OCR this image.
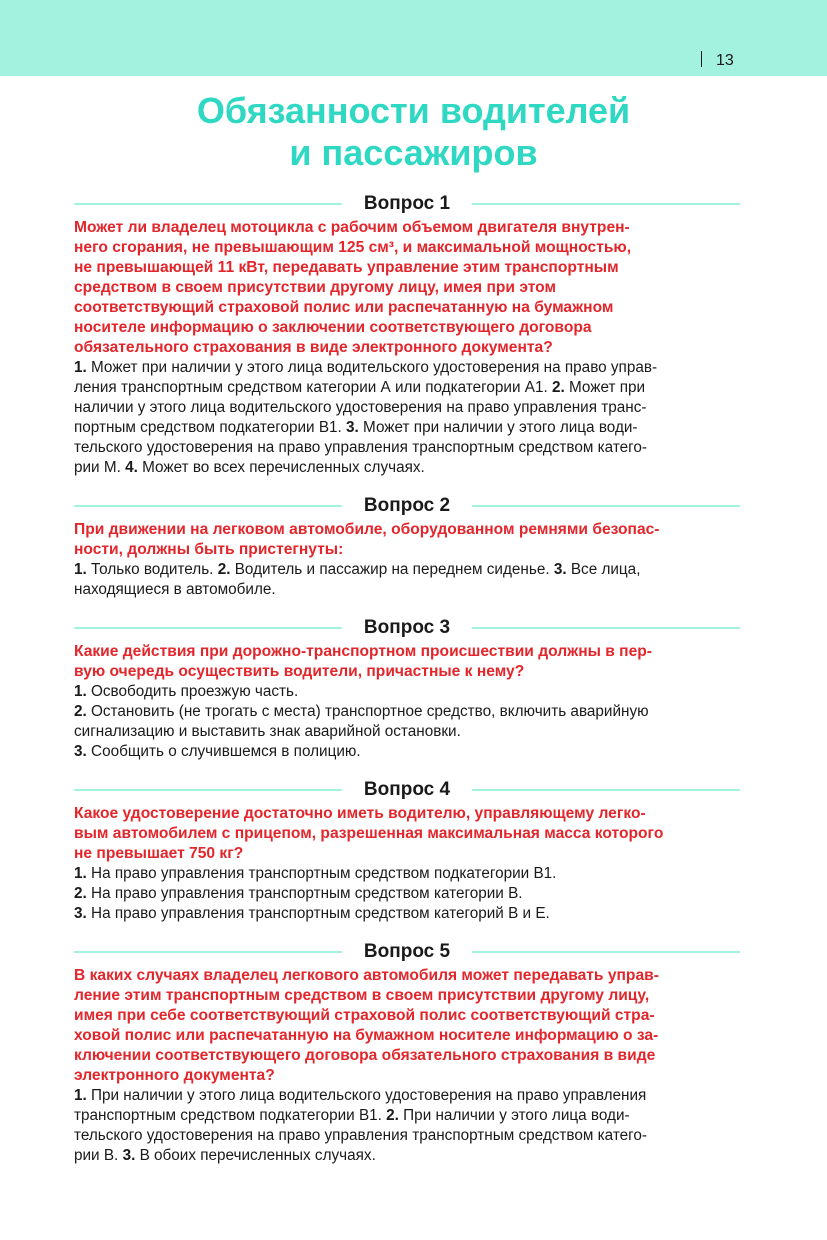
13
Обязанности водителей
и пассажиров
Вопрос 1
Может ли владелец мотоцикла с рабочим объемом двигателя внутрен-
него сгорания, не превышающим 125 см³, и максимальной мощностью,
не превышающей 11 кВт, передавать управление этим транспортным
средством в своем присутствии другому лицу, имея при этом
соответствующий страховой полис или распечатанную на бумажном
носителе информацию о заключении соответствующего договора
обязательного страхования в виде электронного документа?
1. Может при наличии у этого лица водительского удостоверения на право управ-
ления транспортным средством категории А или подкатегории А1. 2. Может при
наличии у этого лица водительского удостоверения на право управления транс-
портным средством подкатегории В1. 3. Может при наличии у этого лица води-
тельского удостоверения на право управления транспортным средством катего-
рии М. 4. Может во всех перечисленных случаях.
Вопрос 2
При движении на легковом автомобиле, оборудованном ремнями безопас-
ности, должны быть пристегнуты:
1. Только водитель. 2. Водитель и пассажир на переднем сиденье. 3. Все лица,
находящиеся в автомобиле.
Вопрос 3
Какие действия при дорожно-транспортном происшествии должны в пер-
вую очередь осуществить водители, причастные к нему?
1. Освободить проезжую часть.
2. Остановить (не трогать с места) транспортное средство, включить аварийную
сигнализацию и выставить знак аварийной остановки.
3. Сообщить о случившемся в полицию.
Вопрос 4
Какое удостоверение достаточно иметь водителю, управляющему легко-
вым автомобилем с прицепом, разрешенная максимальная масса которого
не превышает 750 кг?
1. На право управления транспортным средством подкатегории В1.
2. На право управления транспортным средством категории В.
3. На право управления транспортным средством категорий В и Е.
Вопрос 5
В каких случаях владелец легкового автомобиля может передавать управ-
ление этим транспортным средством в своем присутствии другому лицу,
имея при себе соответствующий страховой полис соответствующий стра-
ховой полис или распечатанную на бумажном носителе информацию о за-
ключении соответствующего договора обязательного страхования в виде
электронного документа?
1. При наличии у этого лица водительского удостоверения на право управления
транспортным средством подкатегории В1. 2. При наличии у этого лица води-
тельского удостоверения на право управления транспортным средством катего-
рии В. 3. В обоих перечисленных случаях.
